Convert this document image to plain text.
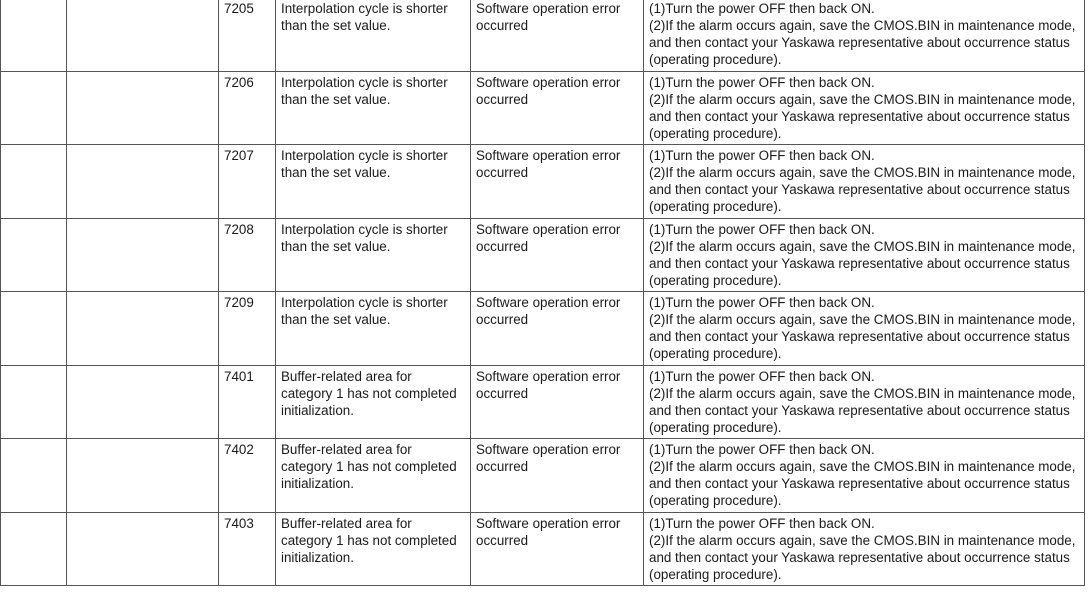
		7205	Interpolation cycle is shorter than the set value.	Software operation error occurred	(1)Turn the power OFF then back ON.
(2)If the alarm occurs again, save the CMOS.BIN in maintenance mode, and then contact your Yaskawa representative about occurrence status (operating procedure).

		7206	Interpolation cycle is shorter than the set value.	Software operation error occurred	(1)Turn the power OFF then back ON.
(2)If the alarm occurs again, save the CMOS.BIN in maintenance mode, and then contact your Yaskawa representative about occurrence status (operating procedure).

		7207	Interpolation cycle is shorter than the set value.	Software operation error occurred	(1)Turn the power OFF then back ON.
(2)If the alarm occurs again, save the CMOS.BIN in maintenance mode, and then contact your Yaskawa representative about occurrence status (operating procedure).

		7208	Interpolation cycle is shorter than the set value.	Software operation error occurred	(1)Turn the power OFF then back ON.
(2)If the alarm occurs again, save the CMOS.BIN in maintenance mode, and then contact your Yaskawa representative about occurrence status (operating procedure).

		7209	Interpolation cycle is shorter than the set value.	Software operation error occurred	(1)Turn the power OFF then back ON.
(2)If the alarm occurs again, save the CMOS.BIN in maintenance mode, and then contact your Yaskawa representative about occurrence status (operating procedure).

		7401	Buffer-related area for category 1 has not completed initialization.	Software operation error occurred	(1)Turn the power OFF then back ON.
(2)If the alarm occurs again, save the CMOS.BIN in maintenance mode, and then contact your Yaskawa representative about occurrence status (operating procedure).

		7402	Buffer-related area for category 1 has not completed initialization.	Software operation error occurred	(1)Turn the power OFF then back ON.
(2)If the alarm occurs again, save the CMOS.BIN in maintenance mode, and then contact your Yaskawa representative about occurrence status (operating procedure).

		7403	Buffer-related area for category 1 has not completed initialization.	Software operation error occurred	(1)Turn the power OFF then back ON.
(2)If the alarm occurs again, save the CMOS.BIN in maintenance mode, and then contact your Yaskawa representative about occurrence status (operating procedure).
